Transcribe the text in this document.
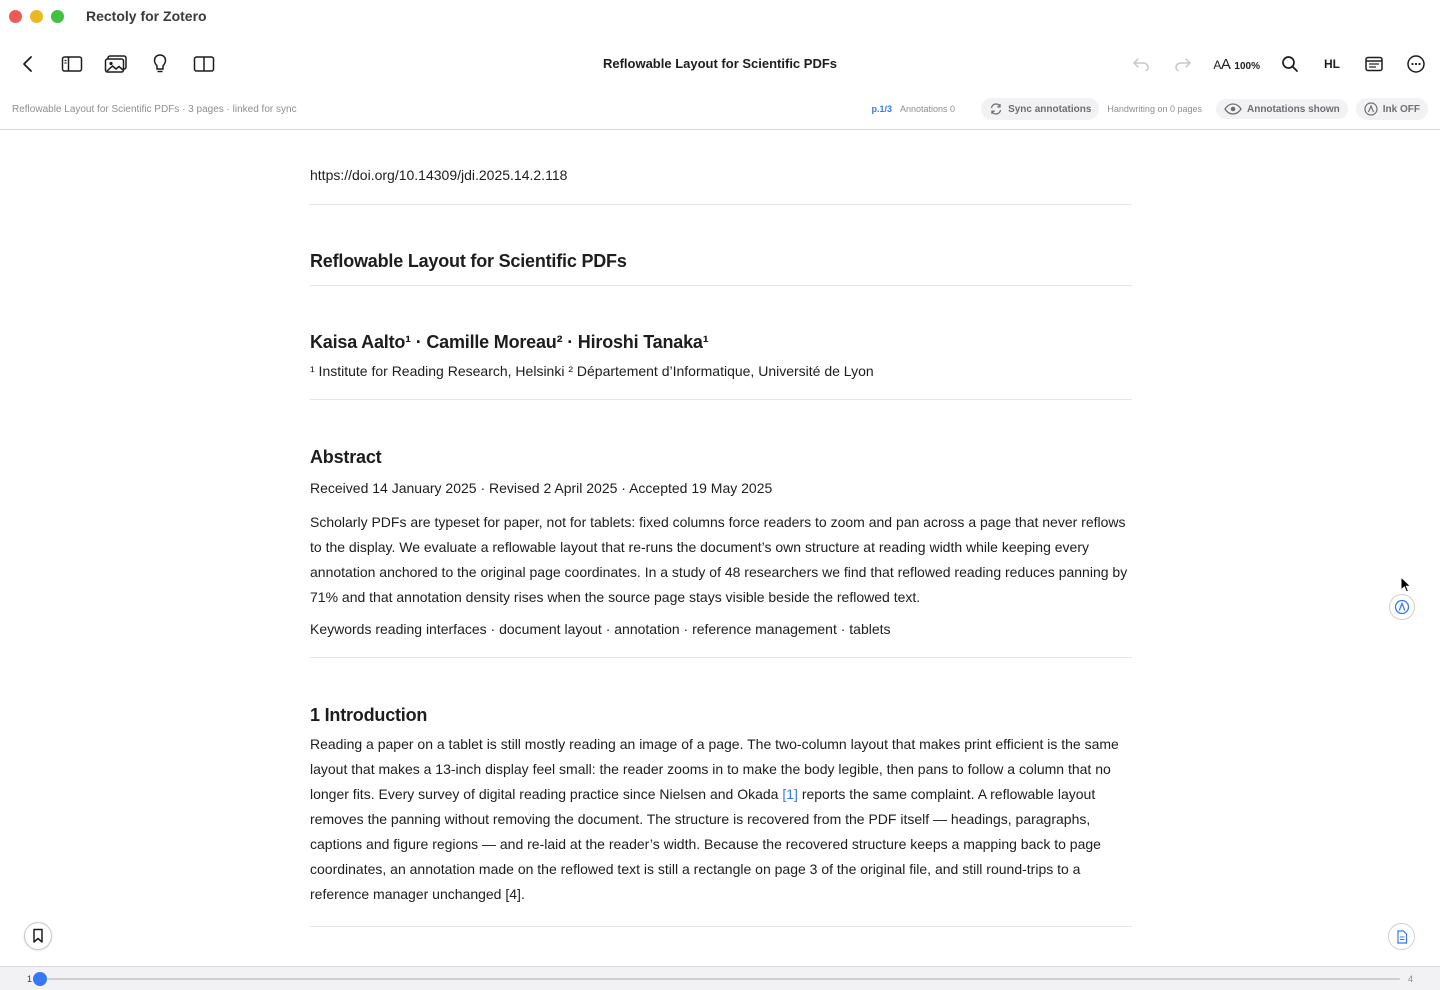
Rectoly for Zotero
Reflowable Layout for Scientific PDFs	AA 100%	HL
Reflowable Layout for Scientific PDFs · 3 pages · linked for sync	p.1/3 Annotations 0	Sync annotations Handwriting on 0 pages	Annotations shown	Ink OFF
https://doi.org/10.14309/jdi.2025.14.2.118
Reflowable Layout for Scientific PDFs
Kaisa Aalto¹ · Camille Moreau² · Hiroshi Tanaka¹
¹ Institute for Reading Research, Helsinki ² Département d’Informatique, Université de Lyon
Abstract
Received 14 January 2025 · Revised 2 April 2025 · Accepted 19 May 2025
Scholarly PDFs are typeset for paper, not for tablets: fixed columns force readers to zoom and pan across a page that never reflows to the display. We evaluate a reflowable layout that re-runs the document’s own structure at reading width while keeping every annotation anchored to the original page coordinates. In a study of 48 researchers we find that reflowed reading reduces panning by 71% and that annotation density rises when the source page stays visible beside the reflowed text.
Keywords reading interfaces · document layout · annotation · reference management · tablets
1 Introduction
Reading a paper on a tablet is still mostly reading an image of a page. The two-column layout that makes print efficient is the same layout that makes a 13-inch display feel small: the reader zooms in to make the body legible, then pans to follow a column that no longer fits. Every survey of digital reading practice since Nielsen and Okada [1] reports the same complaint. A reflowable layout removes the panning without removing the document. The structure is recovered from the PDF itself — headings, paragraphs, captions and figure regions — and re-laid at the reader’s width. Because the recovered structure keeps a mapping back to page coordinates, an annotation made on the reflowed text is still a rectangle on page 3 of the original file, and still round-trips to a reference manager unchanged [4].
1	4
